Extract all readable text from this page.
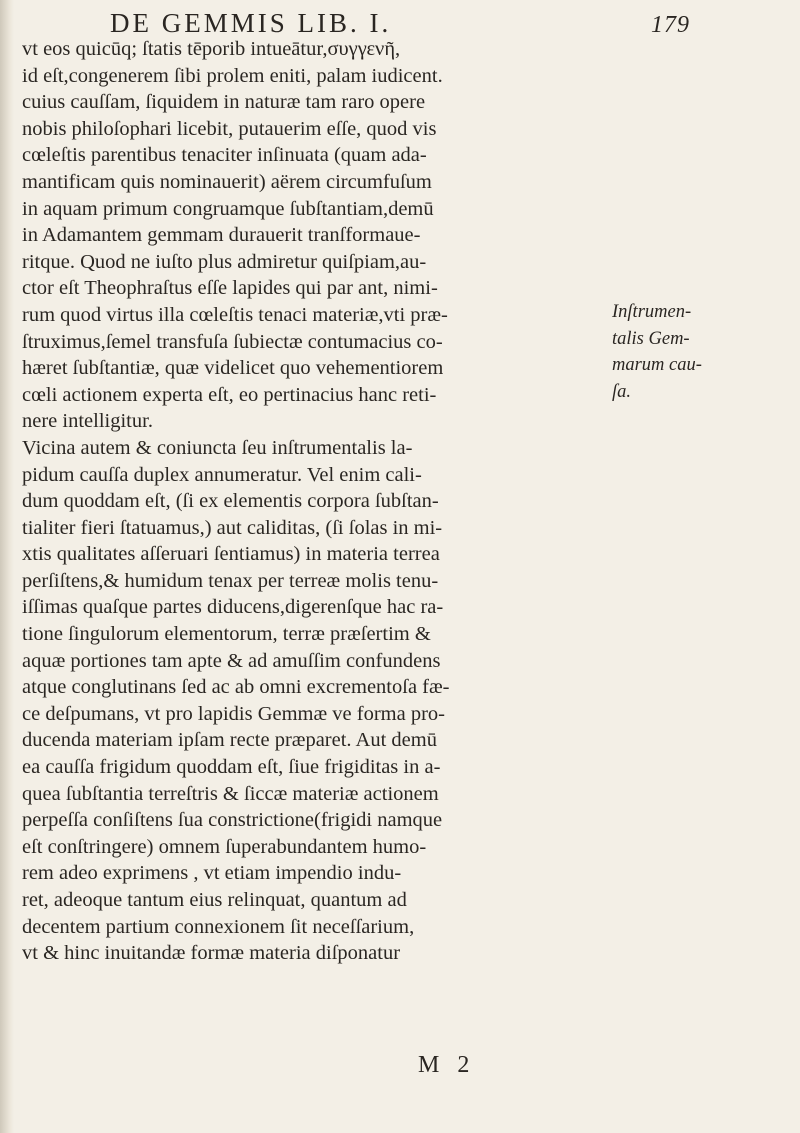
DE GEMMIS LIB. I.	179
vt eos quicūq; ſtatis tēporib intueātur,συγγενῆ,
id eſt,congenerem ſibi prolem eniti, palam iudicent.
cuius cauſſam, ſiquidem in naturæ tam raro opere
nobis philoſophari licebit, putauerim eſſe, quod vis
cœleſtis parentibus tenaciter inſinuata (quam ada-
mantificam quis nominauerit) aërem circumfuſum
in aquam primum congruamque ſubſtantiam,demū
in Adamantem gemmam durauerit tranſformaue-
ritque. Quod ne iuſto plus admiretur quiſpiam,au-
ctor eſt Theophraſtus eſſe lapides qui par ant, nimi-
rum quod virtus illa cœleſtis tenaci materiæ,vti præ-
ſtruximus,ſemel transfuſa ſubiectæ contumacius co-
hæret ſubſtantiæ, quæ videlicet quo vehementiorem
cœli actionem experta eſt, eo pertinacius hanc reti-
nere intelligitur.
Vicina autem & coniuncta ſeu inſtrumentalis la-
pidum cauſſa duplex annumeratur. Vel enim cali-
dum quoddam eſt, (ſi ex elementis corpora ſubſtan-
tialiter fieri ſtatuamus,) aut caliditas, (ſi ſolas in mi-
xtis qualitates aſſeruari ſentiamus) in materia terrea
perſiſtens,& humidum tenax per terreæ molis tenu-
iſſimas quaſque partes diducens,digerenſque hac ra-
tione ſingulorum elementorum, terræ præſertim &
aquæ portiones tam apte & ad amuſſim confundens
atque conglutinans ſed ac ab omni excrementoſa fæ-
ce deſpumans, vt pro lapidis Gemmæ ve forma pro-
ducenda materiam ipſam recte præparet. Aut demū
ea cauſſa frigidum quoddam eſt, ſiue frigiditas in a-
quea ſubſtantia terreſtris & ſiccæ materiæ actionem
perpeſſa conſiſtens ſua constrictione(frigidi namque
eſt conſtringere) omnem ſuperabundantem humo-
rem adeo exprimens , vt etiam impendio indu-
ret, adeoque tantum eius relinquat, quantum ad
decentem partium connexionem ſit neceſſarium,
vt & hinc inuitandæ formæ materia diſponatur
Inſtrumen-
talis Gem-
marum cau-
ſa.
M 2
